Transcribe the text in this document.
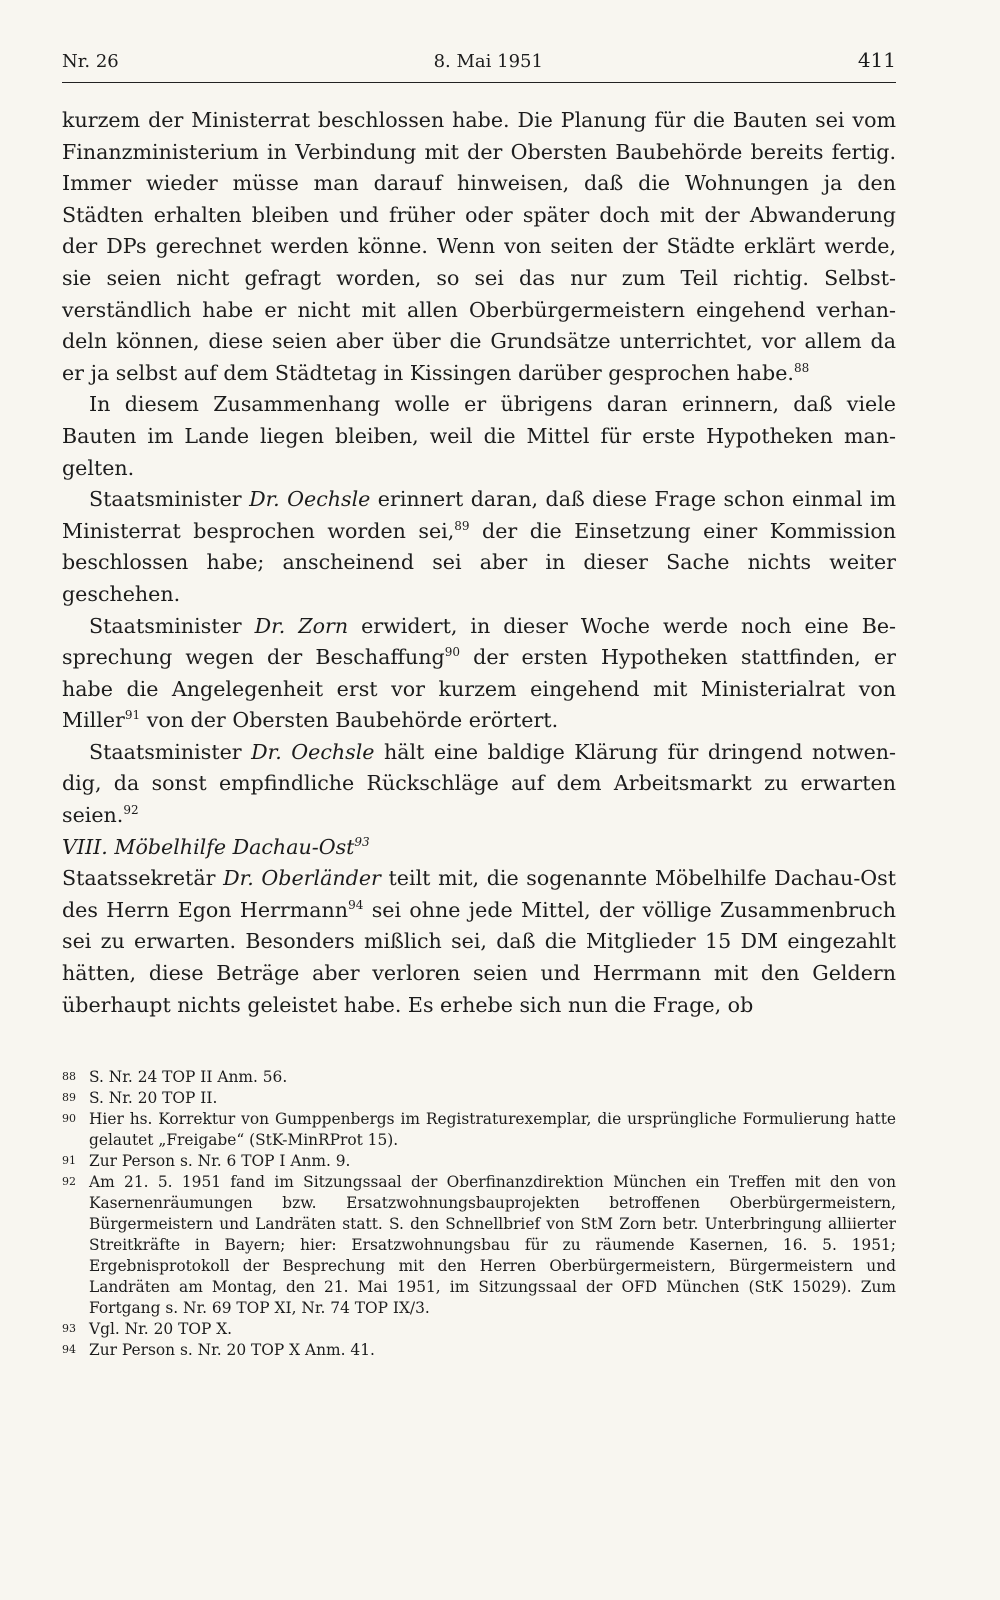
Nr. 26	8. Mai 1951	411

kurzem der Ministerrat beschlossen habe. Die Planung für die Bauten sei vom Finanzministerium in Verbindung mit der Obersten Baubehörde bereits fertig. Immer wieder müsse man darauf hinweisen, daß die Wohnungen ja den Städten erhalten bleiben und früher oder später doch mit der Abwanderung der DPs gerechnet werden könne. Wenn von seiten der Städte erklärt werde, sie seien nicht gefragt worden, so sei das nur zum Teil richtig. Selbstverständlich habe er nicht mit allen Oberbürgermeistern eingehend verhandeln können, diese seien aber über die Grundsätze unterrichtet, vor allem da er ja selbst auf dem Städtetag in Kissingen darüber gesprochen habe.$^{88}$

In diesem Zusammenhang wolle er übrigens daran erinnern, daß viele Bauten im Lande liegen bleiben, weil die Mittel für erste Hypotheken mangelten.

Staatsminister Dr. Oechsle erinnert daran, daß diese Frage schon einmal im Ministerrat besprochen worden sei,$^{89}$ der die Einsetzung einer Kommission beschlossen habe; anscheinend sei aber in dieser Sache nichts weiter geschehen.

Staatsminister Dr. Zorn erwidert, in dieser Woche werde noch eine Besprechung wegen der Beschaffung$^{90}$ der ersten Hypotheken stattfinden, er habe die Angelegenheit erst vor kurzem eingehend mit Ministerialrat von Miller$^{91}$ von der Obersten Baubehörde erörtert.

Staatsminister Dr. Oechsle hält eine baldige Klärung für dringend notwendig, da sonst empfindliche Rückschläge auf dem Arbeitsmarkt zu erwarten seien.$^{92}$

VIII. Möbelhilfe Dachau-Ost$^{93}$

Staatssekretär Dr. Oberländer teilt mit, die sogenannte Möbelhilfe Dachau-Ost des Herrn Egon Herrmann$^{94}$ sei ohne jede Mittel, der völlige Zusammenbruch sei zu erwarten. Besonders mißlich sei, daß die Mitglieder 15 DM eingezahlt hätten, diese Beträge aber verloren seien und Herrmann mit den Geldern überhaupt nichts geleistet habe. Es erhebe sich nun die Frage, ob

88 S. Nr. 24 TOP II Anm. 56.
89 S. Nr. 20 TOP II.
90 Hier hs. Korrektur von Gumppenbergs im Registraturexemplar, die ursprüngliche Formulierung hatte gelautet „Freigabe“ (StK-MinRProt 15).
91 Zur Person s. Nr. 6 TOP I Anm. 9.
92 Am 21. 5. 1951 fand im Sitzungssaal der Oberfinanzdirektion München ein Treffen mit den von Kasernenräumungen bzw. Ersatzwohnungsbauprojekten betroffenen Oberbürgermeistern, Bürgermeistern und Landräten statt. S. den Schnellbrief von StM Zorn betr. Unterbringung alliierter Streitkräfte in Bayern; hier: Ersatzwohnungsbau für zu räumende Kasernen, 16. 5. 1951; Ergebnisprotokoll der Besprechung mit den Herren Oberbürgermeistern, Bürgermeistern und Landräten am Montag, den 21. Mai 1951, im Sitzungssaal der OFD München (StK 15029). Zum Fortgang s. Nr. 69 TOP XI, Nr. 74 TOP IX/3.
93 Vgl. Nr. 20 TOP X.
94 Zur Person s. Nr. 20 TOP X Anm. 41.
